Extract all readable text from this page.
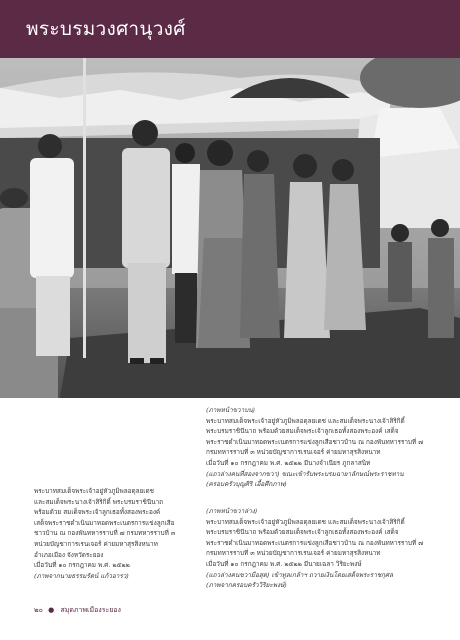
พระบรมวงศานุวงศ์

(ภาพหน้าขวาบน)

พระบาทสมเด็จพระเจ้าอยู่หัวภูมิพลอดุลยเดช และสมเด็จพระนางเจ้าสิริกิติ์

พระบรมราชินีนาถ พร้อมด้วยสมเด็จพระเจ้าลูกเธอทั้งสองพระองค์ เสด็จ

พระราชดำเนินมาทอดพระเนตรการแข่งลูกเสือชาวบ้าน ณ กองพันทหารราบที่ ๗

กรมทหารราบที่ ๓ หน่วยบัญชาการเรนเจอร์ ค่ายมหาสุรสิงหนาท

เมื่อวันที่ ๑๐ กรกฎาคม พ.ศ. ๒๕๒๒ มีนางจำเนียร ภูกลาสนิท

(แถวล่างคนที่สองจากขวา) ขณะเข้ารับพระบรมฉายาลักษณ์พระราชทาน

(ครอบครัวบุญศิริ เอื้อศึกภาพ)

พระบาทสมเด็จพระเจ้าอยู่หัวภูมิพลอดุลยเดช

และสมเด็จพระนางเจ้าสิริกิติ์ พระบรมราชินีนาถ

พร้อมด้วย สมเด็จพระเจ้าลูกเธอทั้งสองพระองค์

เสด็จพระราชดำเนินมาทอดพระเนตรการแข่งลูกเสือ

ชาวบ้าน ณ กองพันทหารราบที่ ๗ กรมทหารราบที่ ๓

หน่วยบัญชาการเรนเจอร์ ค่ายมหาสุรสิงหนาท

อำเภอเมือง จังหวัดระยอง

เมื่อวันที่ ๑๐ กรกฎาคม พ.ศ. ๒๕๒๒

(ภาพจากนายธรรมรัตน์ แก้วอารว)

(ภาพหน้าขวาล่าง)

พระบาทสมเด็จพระเจ้าอยู่หัวภูมิพลอดุลยเดช และสมเด็จพระนางเจ้าสิริกิติ์

พระบรมราชินีนาถ พร้อมด้วยสมเด็จพระเจ้าลูกเธอทั้งสองพระองค์ เสด็จ

พระราชดำเนินมาทอดพระเนตรการแข่งลูกเสือชาวบ้าน ณ กองพันทหารราบที่ ๗

กรมทหารราบที่ ๓ หน่วยบัญชาการเรนเจอร์ ค่ายมหาสุรสิงหนาท

เมื่อวันที่ ๑๐ กรกฎาคม พ.ศ. ๒๕๒๒ มีนายเฉลา วิริยะพงษ์

(แถวล่างคนขวามือสุด) เข้าทูลเกล้าฯ ถวายเงินโดยเสด็จพระราชกุศล

(ภาพจากครอบครัววิริยะพงษ์)

๒๐ ● สมุดภาพเมืองระยอง
